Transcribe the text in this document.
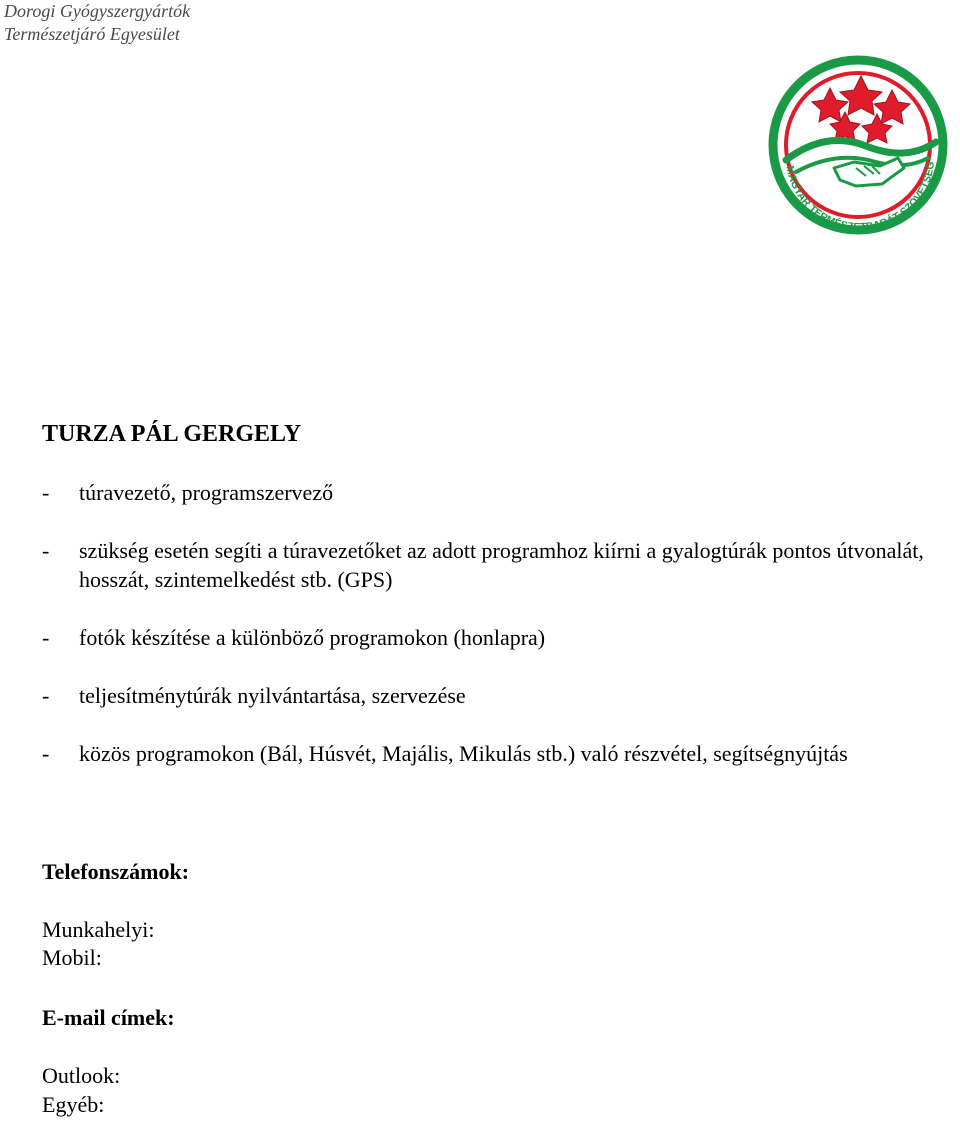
Dorogi Gyógyszergyártók
Természetjáró Egyesület
MAGYAR TERMÉSZETBARÁT SZÖVETSÉG
TURZA PÁL GERGELY
- túravezető, programszervező
- szükség esetén segíti a túravezetőket az adott programhoz kiírni a gyalogtúrák pontos útvonalát, hosszát, szintemelkedést stb. (GPS)
- fotók készítése a különböző programokon (honlapra)
- teljesítménytúrák nyilvántartása, szervezése
- közös programokon (Bál, Húsvét, Majális, Mikulás stb.) való részvétel, segítségnyújtás
Telefonszámok:

Munkahelyi:

Mobil:

E-mail címek:

Outlook:

Egyéb:
